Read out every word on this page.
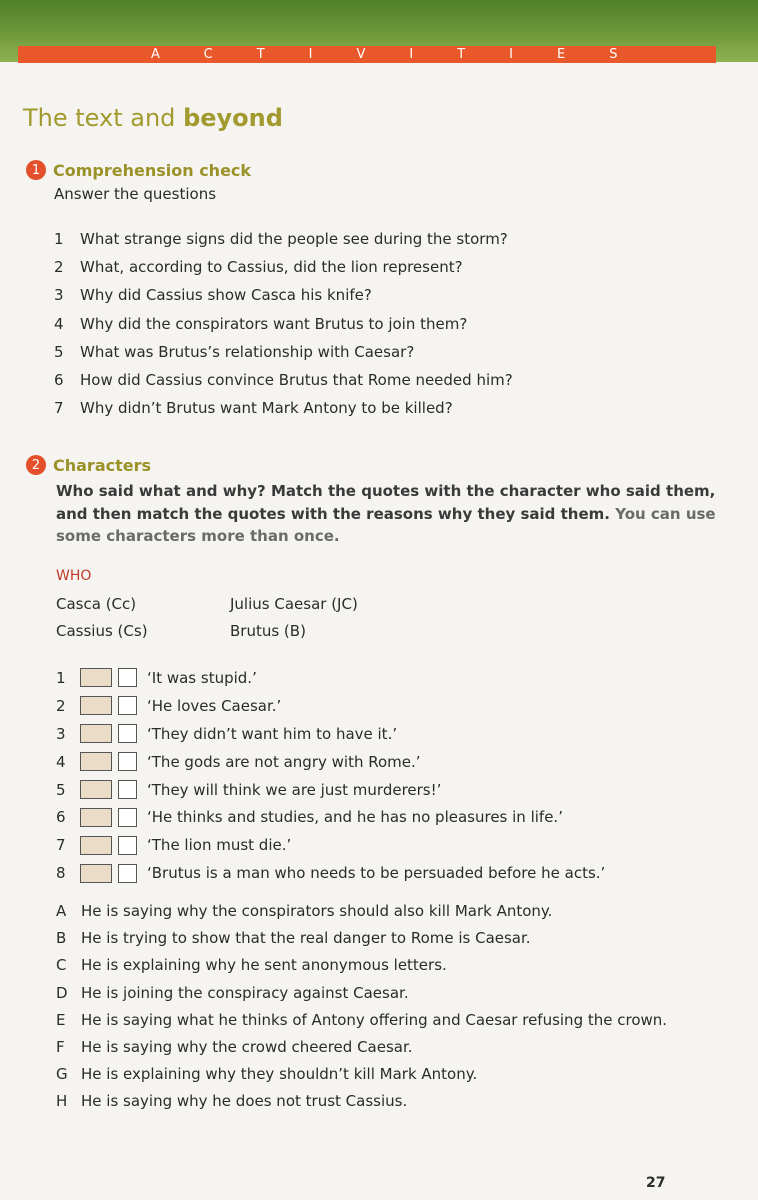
ACTIVITIES
The text and beyond
1 Comprehension check
Answer the questions
1	What strange signs did the people see during the storm?
2	What, according to Cassius, did the lion represent?
3	Why did Cassius show Casca his knife?
4	Why did the conspirators want Brutus to join them?
5	What was Brutus’s relationship with Caesar?
6	How did Cassius convince Brutus that Rome needed him?
7	Why didn’t Brutus want Mark Antony to be killed?
2 Characters
Who said what and why? Match the quotes with the character who said them, and then match the quotes with the reasons why they said them. You can use some characters more than once.
WHO
Casca (Cc)	Julius Caesar (JC)
Cassius (Cs)	Brutus (B)
1	‘It was stupid.’
2	‘He loves Caesar.’
3	‘They didn’t want him to have it.’
4	‘The gods are not angry with Rome.’
5	‘They will think we are just murderers!’
6	‘He thinks and studies, and he has no pleasures in life.’
7	‘The lion must die.’
8	‘Brutus is a man who needs to be persuaded before he acts.’
A He is saying why the conspirators should also kill Mark Antony.
B He is trying to show that the real danger to Rome is Caesar.
C He is explaining why he sent anonymous letters.
D He is joining the conspiracy against Caesar.
E	He is saying what he thinks of Antony offering and Caesar refusing the crown.
F	He is saying why the crowd cheered Caesar.
G He is explaining why they shouldn’t kill Mark Antony.
H He is saying why he does not trust Cassius.
27
